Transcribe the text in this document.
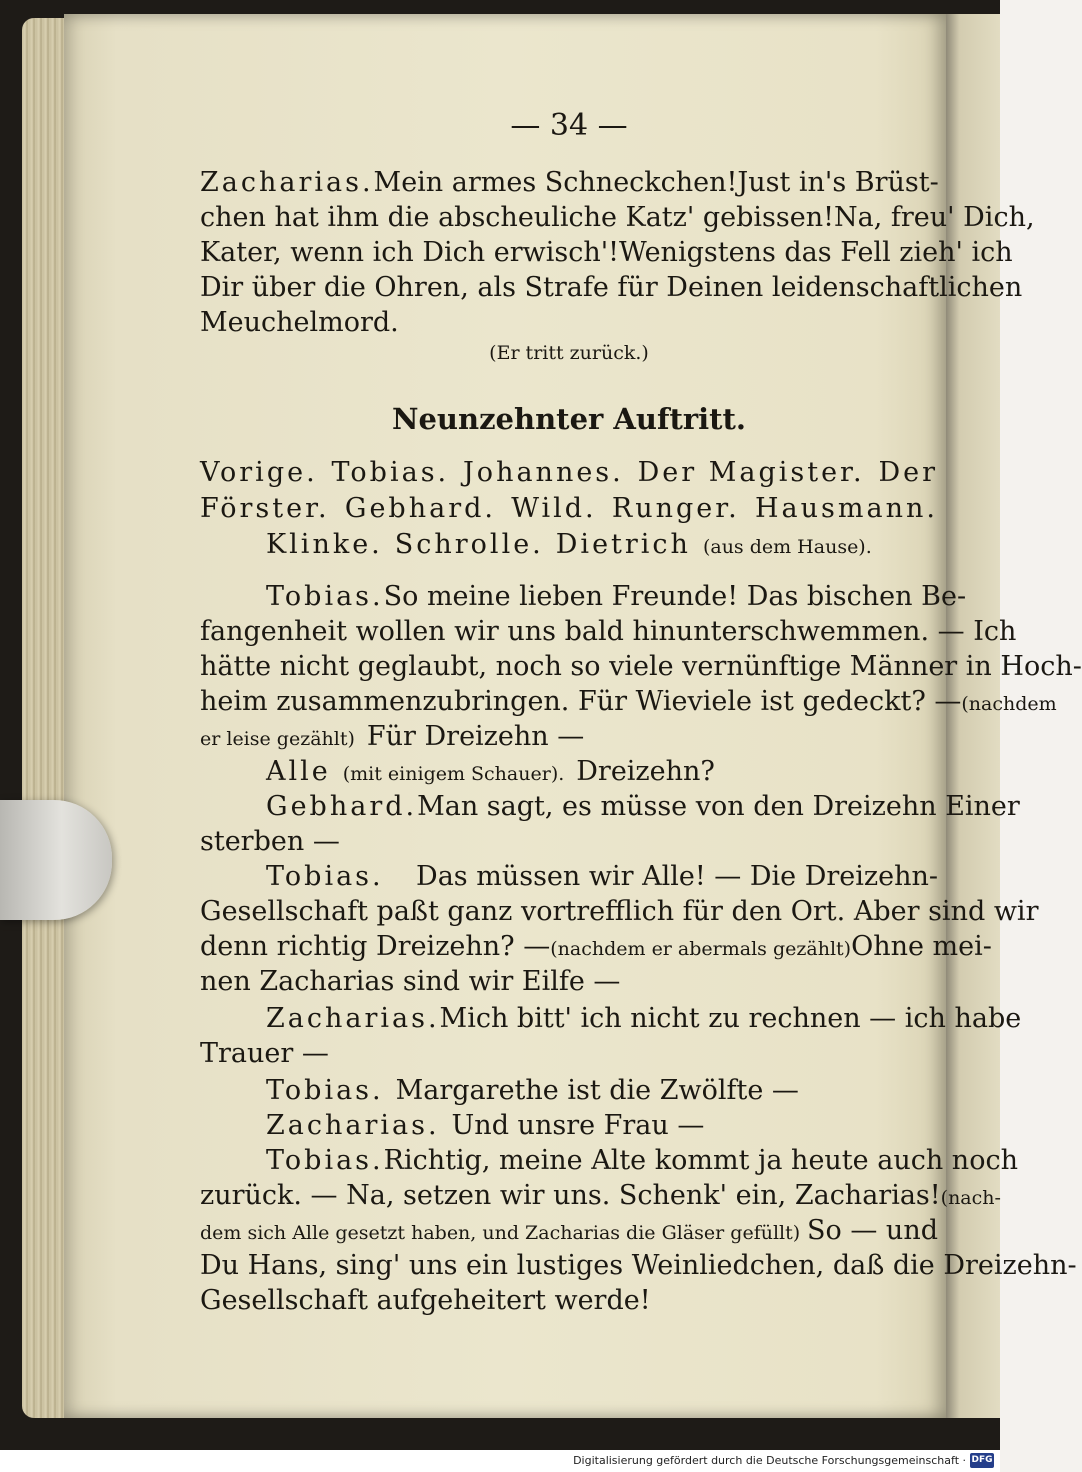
— 34 —
Zacharias. Mein armes Schneckchen! Just in's Brüst-
chen hat ihm die abscheuliche Katz' gebissen! Na, freu' Dich,
Kater, wenn ich Dich erwisch'! Wenigstens das Fell zieh' ich
Dir über die Ohren, als Strafe für Deinen leidenschaftlichen
Meuchelmord.
(Er tritt zurück.)
Neunzehnter Auftritt.
Vorige. Tobias. Johannes. Der Magister. Der
Förster. Gebhard. Wild. Runger. Hausmann.
Klinke. Schrolle. Dietrich (aus dem Hause).
Tobias. So meine lieben Freunde! Das bischen Be-
fangenheit wollen wir uns bald hinunterschwemmen. — Ich
hätte nicht geglaubt, noch so viele vernünftige Männer in Hoch-
heim zusammenzubringen. Für Wieviele ist gedeckt? — (nachdem
er leise gezählt) Für Dreizehn —
Alle (mit einigem Schauer). Dreizehn?
Gebhard. Man sagt, es müsse von den Dreizehn Einer
sterben —
Tobias. Das müssen wir Alle! — Die Dreizehn-
Gesellschaft paßt ganz vortrefflich für den Ort. Aber sind wir
denn richtig Dreizehn? — (nachdem er abermals gezählt) Ohne mei-
nen Zacharias sind wir Eilfe —
Zacharias. Mich bitt' ich nicht zu rechnen — ich habe
Trauer —
Tobias. Margarethe ist die Zwölfte —
Zacharias. Und unsre Frau —
Tobias. Richtig, meine Alte kommt ja heute auch noch
zurück. — Na, setzen wir uns. Schenk' ein, Zacharias! (nach-
dem sich Alle gesetzt haben, und Zacharias die Gläser gefüllt) So — und
Du Hans, sing' uns ein lustiges Weinliedchen, daß die Dreizehn-
Gesellschaft aufgeheitert werde!
Digitalisierung gefördert durch die Deutsche Forschungsgemeinschaft · DFG
